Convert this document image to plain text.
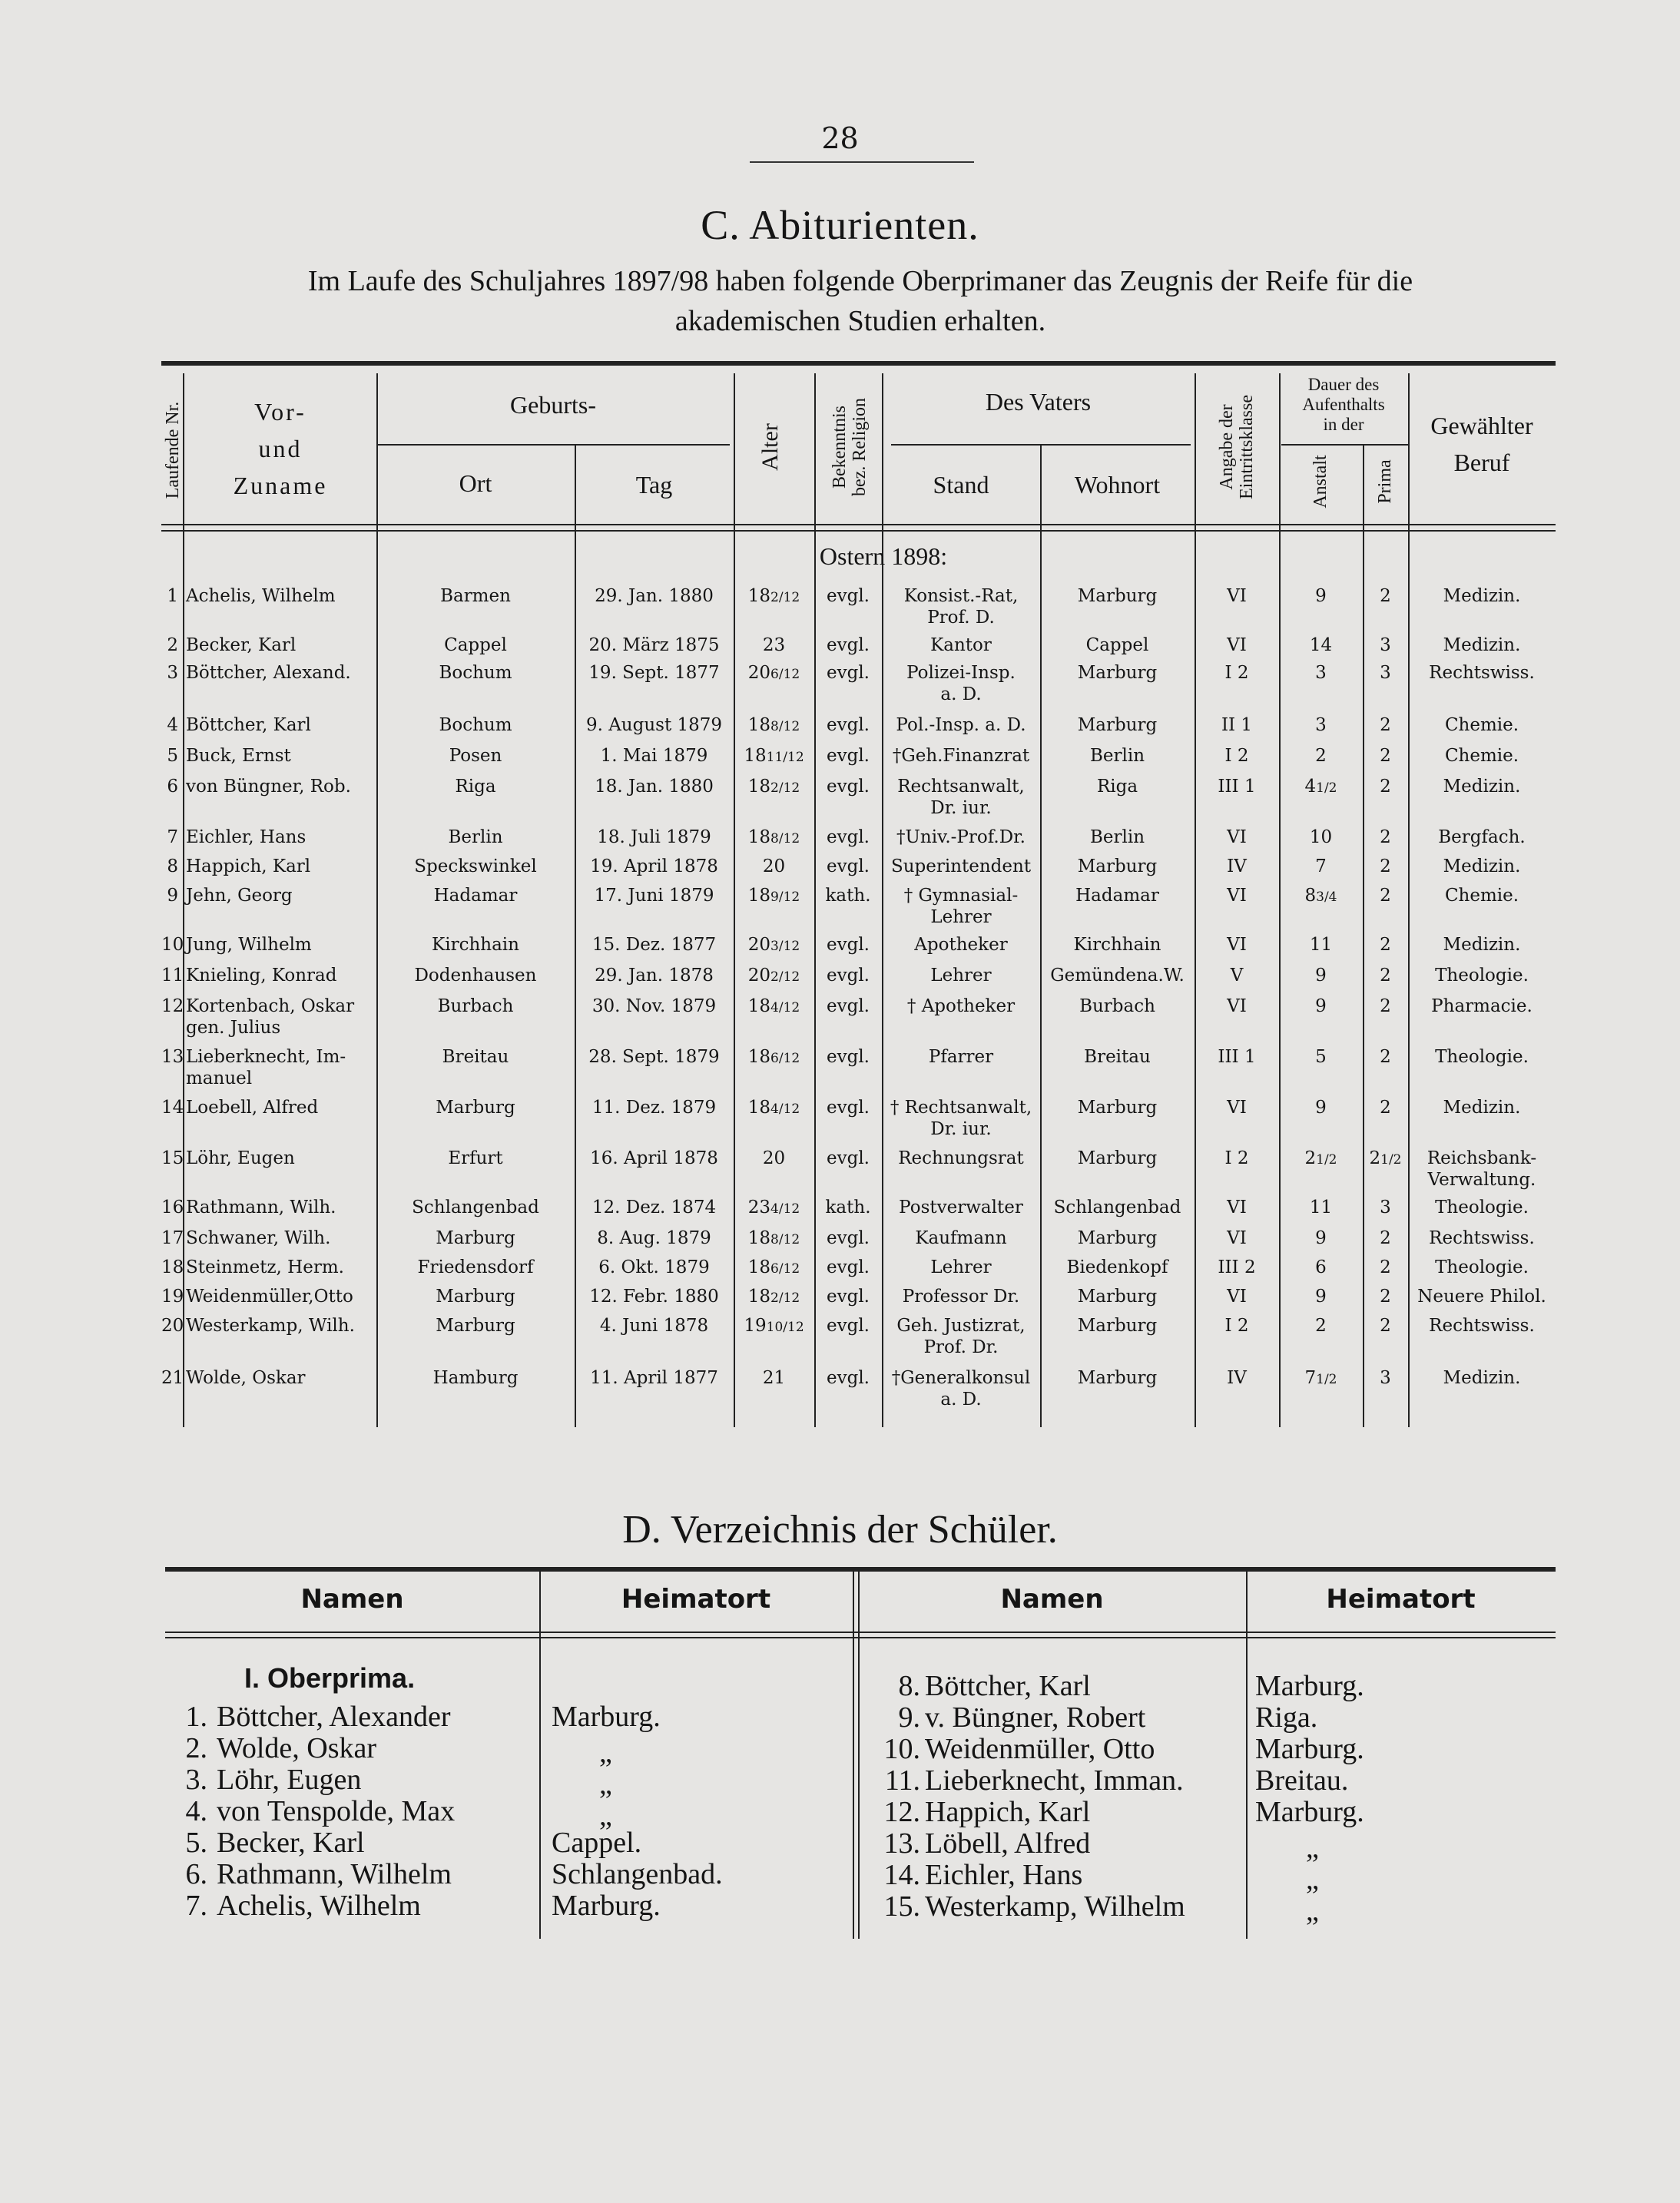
28
C. Abiturienten.
Im Laufe des Schuljahres 1897/98 haben folgende Oberprimaner das Zeugnis der Reife für die akademischen Studien erhalten.
Laufende Nr.	Vor-
und
Zuname
Geburts-
Ort	Tag
Alter	Bekenntnis
bez. Religion	Des Vaters
Stand	Wohnort	Angabe der
Eintrittsklasse
Dauer des
Aufenthalts
in der
Anstalt Prima
Gewählter
Beruf
Ostern 1898:
1 Achelis, Wilhelm	Barmen	29. Jan. 1880	182/12	evgl.	Konsist.-Rat,
Prof. D.
Marburg	VI	9	2	Medizin.
2 Becker, Karl	Cappel	20. März 1875	23	evgl.	Kantor	Cappel	VI	14	3	Medizin.
3 Böttcher, Alexand.	Bochum	19. Sept. 1877	206/12	evgl.	Polizei-Insp.
a. D.
Marburg	I 2	3	3	Rechtswiss.
4 Böttcher, Karl	Bochum	9. August 1879	188/12	evgl.	Pol.-Insp. a. D.	Marburg	II 1	3	2	Chemie.
5 Buck, Ernst	Posen	1. Mai 1879	1811/12	evgl.	†Geh.Finanzrat	Berlin	I 2	2	2	Chemie.
6 von Büngner, Rob.	Riga	18. Jan. 1880	182/12	evgl.	Rechtsanwalt,
Dr. iur.
Riga	III 1	41/2	2	Medizin.
7 Eichler, Hans	Berlin	18. Juli 1879	188/12	evgl.	†Univ.-Prof.Dr.	Berlin	VI	10	2	Bergfach.
8 Happich, Karl	Speckswinkel	19. April 1878	20	evgl.	Superintendent	Marburg	IV	7	2	Medizin.
9 Jehn, Georg	Hadamar	17. Juni 1879	189/12	kath.	† Gymnasial-
Lehrer
Hadamar	VI	83/4	2	Chemie.
10 Jung, Wilhelm	Kirchhain	15. Dez. 1877	203/12	evgl.	Apotheker	Kirchhain	VI	11	2	Medizin.
11 Knieling, Konrad	Dodenhausen	29. Jan. 1878	202/12	evgl.	Lehrer	Gemündena.W.	V	9	2	Theologie.
12 Kortenbach, Oskar
gen. Julius
Burbach	30. Nov. 1879	184/12	evgl.	† Apotheker	Burbach	VI	9	2	Pharmacie.
13 Lieberknecht, Im-
manuel
Breitau	28. Sept. 1879	186/12	evgl.	Pfarrer	Breitau	III 1	5	2	Theologie.
14 Loebell, Alfred	Marburg	11. Dez. 1879	184/12	evgl.	† Rechtsanwalt,
Dr. iur.
Marburg	VI	9	2	Medizin.
15 Löhr, Eugen	Erfurt	16. April 1878	20	evgl.	Rechnungsrat	Marburg	I 2	21/2	21/2	Reichsbank-
Verwaltung.
16 Rathmann, Wilh.	Schlangenbad	12. Dez. 1874	234/12	kath.	Postverwalter	Schlangenbad	VI	11	3	Theologie.
17 Schwaner, Wilh.	Marburg	8. Aug. 1879	188/12	evgl.	Kaufmann	Marburg	VI	9	2	Rechtswiss.
18 Steinmetz, Herm.	Friedensdorf	6. Okt. 1879	186/12	evgl.	Lehrer	Biedenkopf	III 2	6	2	Theologie.
19 Weidenmüller,Otto	Marburg	12. Febr. 1880	182/12	evgl.	Professor Dr.	Marburg	VI	9	2	Neuere Philol.
20 Westerkamp, Wilh.	Marburg	4. Juni 1878	1910/12	evgl.	Geh. Justizrat,
Prof. Dr.
Marburg	I 2	2	2	Rechtswiss.
21 Wolde, Oskar	Hamburg	11. April 1877	21	evgl.	†Generalkonsul
a. D.
Marburg	IV	71/2	3	Medizin.
D. Verzeichnis der Schüler.
Namen	Heimatort	Namen	Heimatort
I. Oberprima.
1. Böttcher, Alexander	Marburg.
2. Wolde, Oskar	„
3. Löhr, Eugen	„
4. von Tenspolde, Max	„
5. Becker, Karl	Cappel.
6. Rathmann, Wilhelm	Schlangenbad.
7. Achelis, Wilhelm	Marburg.
8. Böttcher, Karl	Marburg.
9. v. Büngner, Robert	Riga.
10. Weidenmüller, Otto	Marburg.
11. Lieberknecht, Imman. Breitau.
12. Happich, Karl	Marburg.
13. Löbell, Alfred	„
14. Eichler, Hans	„
15. Westerkamp, Wilhelm	„
